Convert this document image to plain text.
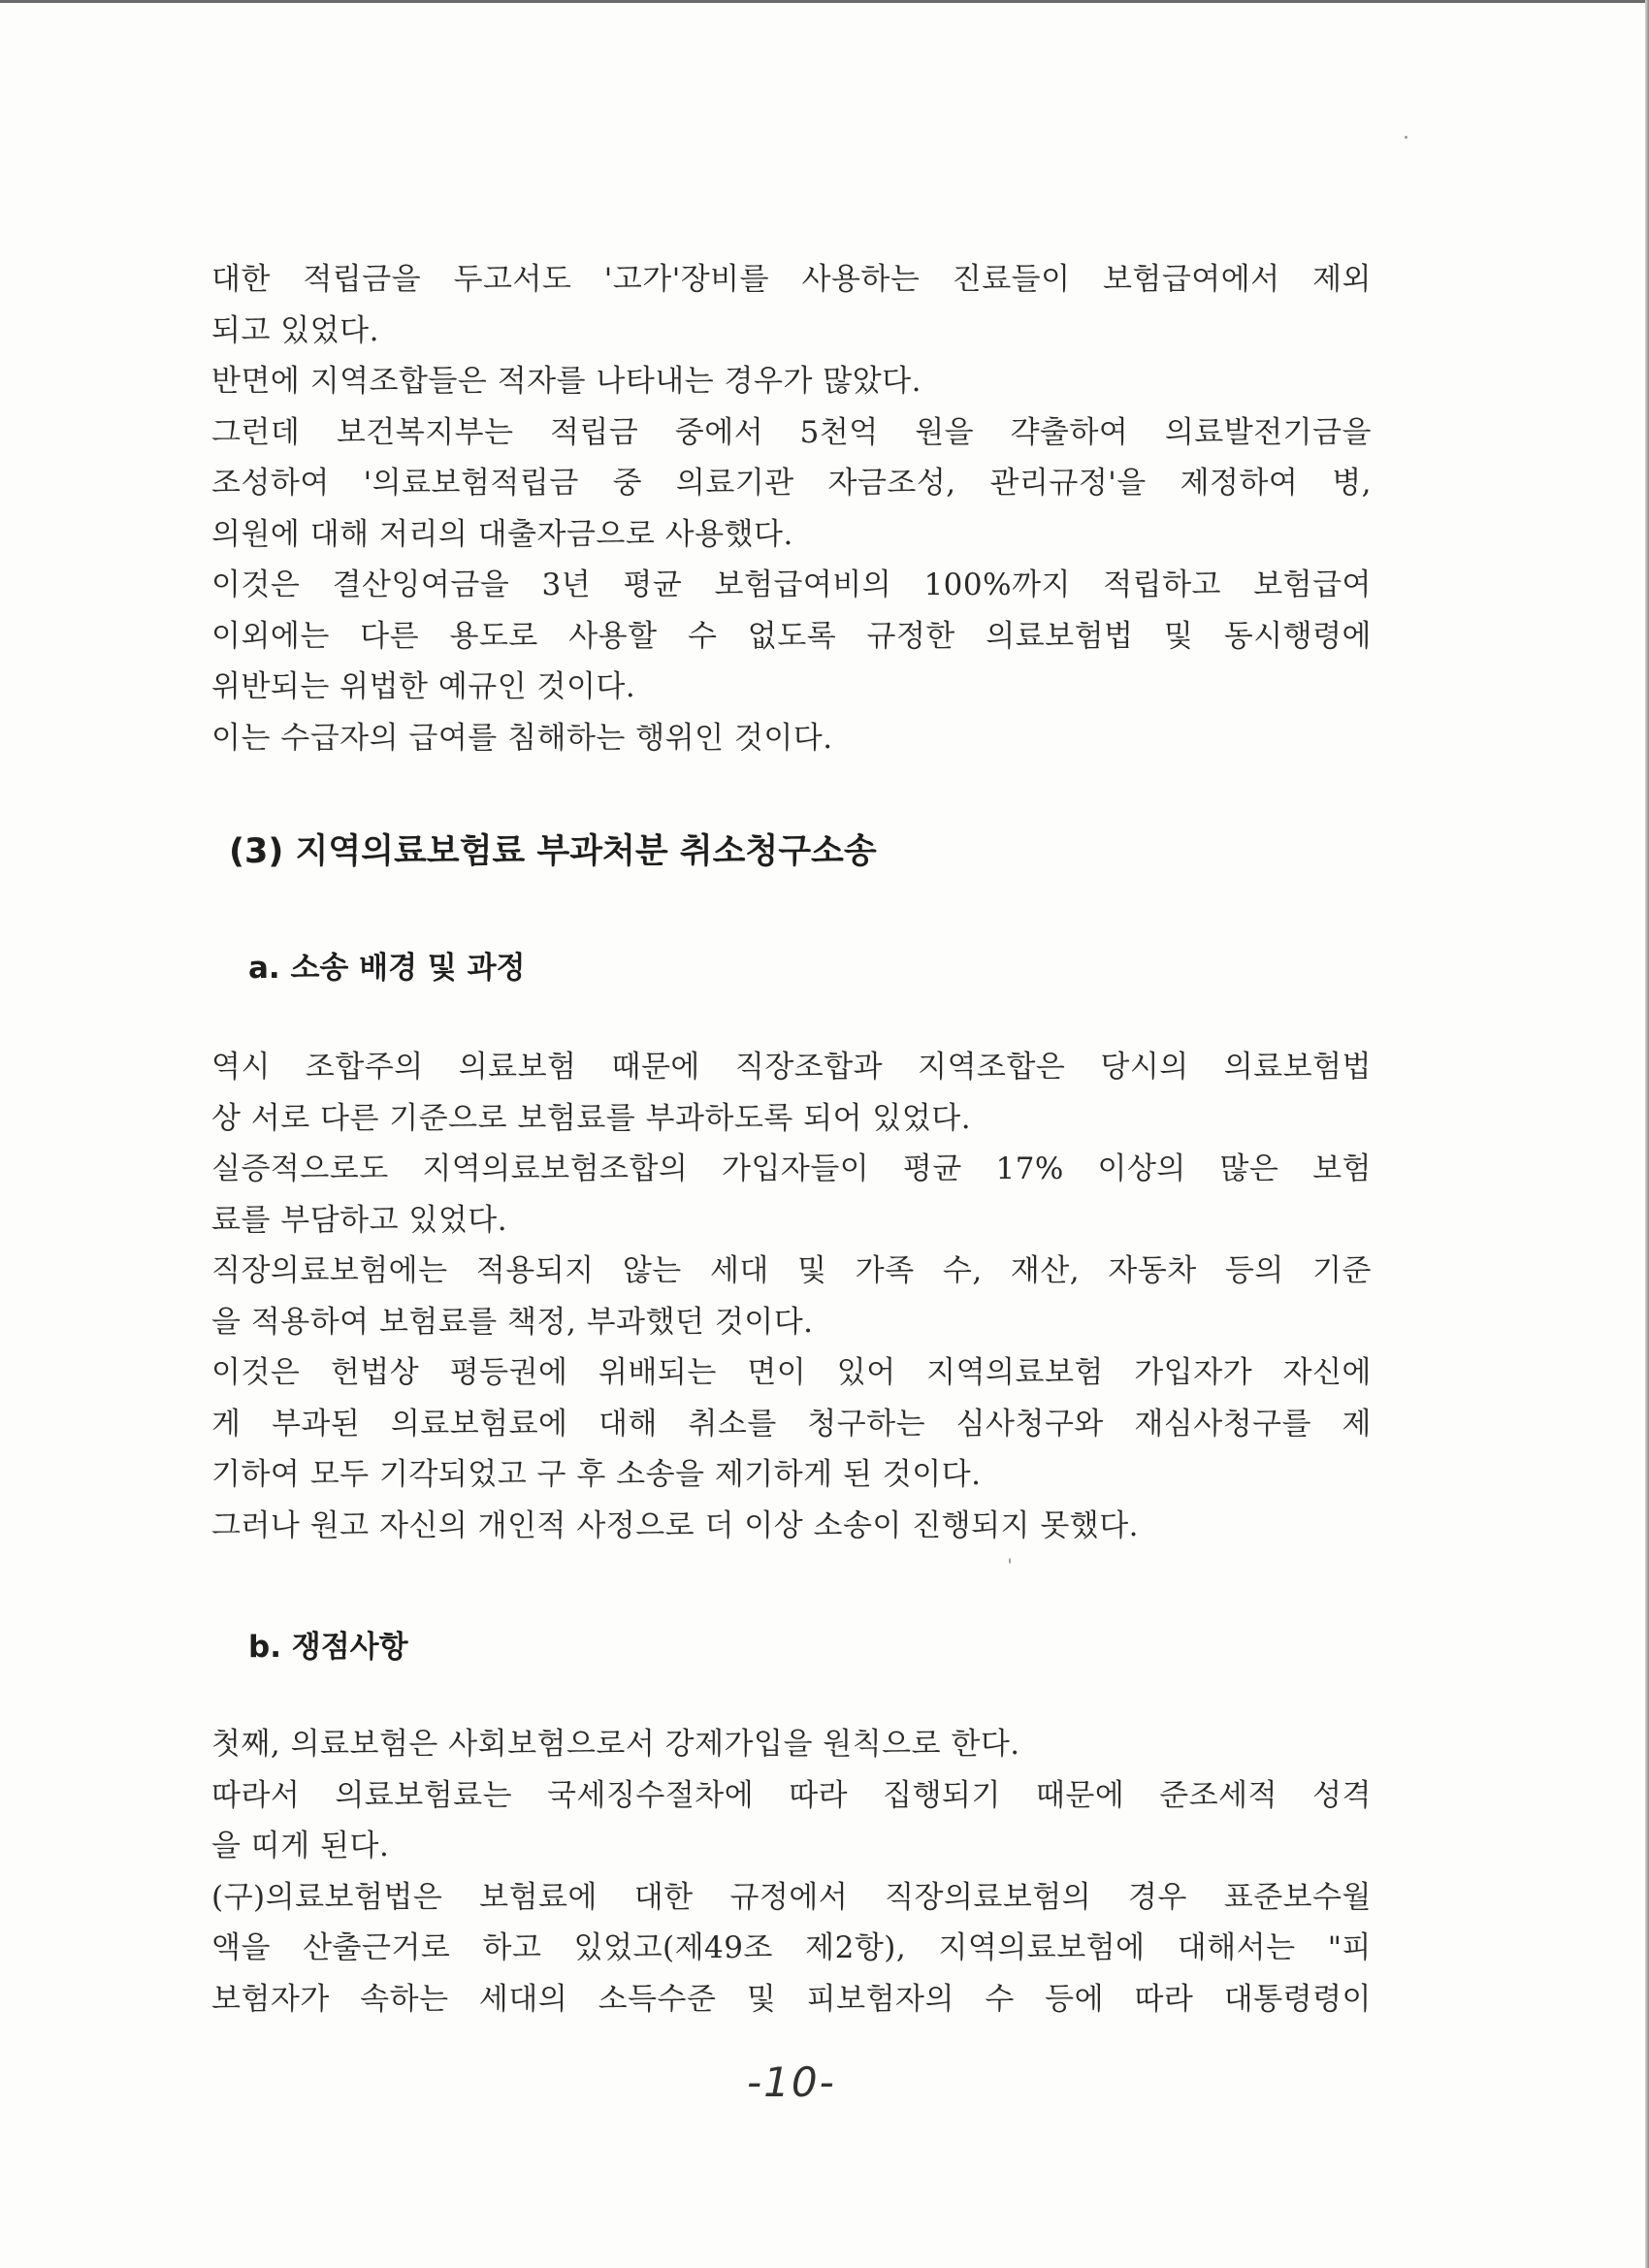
대한 적립금을 두고서도 '고가'장비를 사용하는 진료들이 보험급여에서 제외

되고 있었다.

반면에 지역조합들은 적자를 나타내는 경우가 많았다.

그런데 보건복지부는 적립금 중에서 5천억 원을 갹출하여 의료발전기금을

조성하여 '의료보험적립금 중 의료기관 자금조성, 관리규정'을 제정하여 병,

의원에 대해 저리의 대출자금으로 사용했다.

이것은 결산잉여금을 3년 평균 보험급여비의 100%까지 적립하고 보험급여

이외에는 다른 용도로 사용할 수 없도록 규정한 의료보험법 및 동시행령에

위반되는 위법한 예규인 것이다.

이는 수급자의 급여를 침해하는 행위인 것이다.

(3) 지역의료보험료 부과처분 취소청구소송
a. 소송 배경 및 과정

역시 조합주의 의료보험 때문에 직장조합과 지역조합은 당시의 의료보험법

상 서로 다른 기준으로 보험료를 부과하도록 되어 있었다.

실증적으로도 지역의료보험조합의 가입자들이 평균 17% 이상의 많은 보험

료를 부담하고 있었다.

직장의료보험에는 적용되지 않는 세대 및 가족 수, 재산, 자동차 등의 기준

을 적용하여 보험료를 책정, 부과했던 것이다.

이것은 헌법상 평등권에 위배되는 면이 있어 지역의료보험 가입자가 자신에

게 부과된 의료보험료에 대해 취소를 청구하는 심사청구와 재심사청구를 제

기하여 모두 기각되었고 구 후 소송을 제기하게 된 것이다.

그러나 원고 자신의 개인적 사정으로 더 이상 소송이 진행되지 못했다.

b. 쟁점사항

첫째, 의료보험은 사회보험으로서 강제가입을 원칙으로 한다.

따라서 의료보험료는 국세징수절차에 따라 집행되기 때문에 준조세적 성격

을 띠게 된다.

(구)의료보험법은 보험료에 대한 규정에서 직장의료보험의 경우 표준보수월

액을 산출근거로 하고 있었고(제49조 제2항), 지역의료보험에 대해서는 "피

보험자가 속하는 세대의 소득수준 및 피보험자의 수 등에 따라 대통령령이

-10-
